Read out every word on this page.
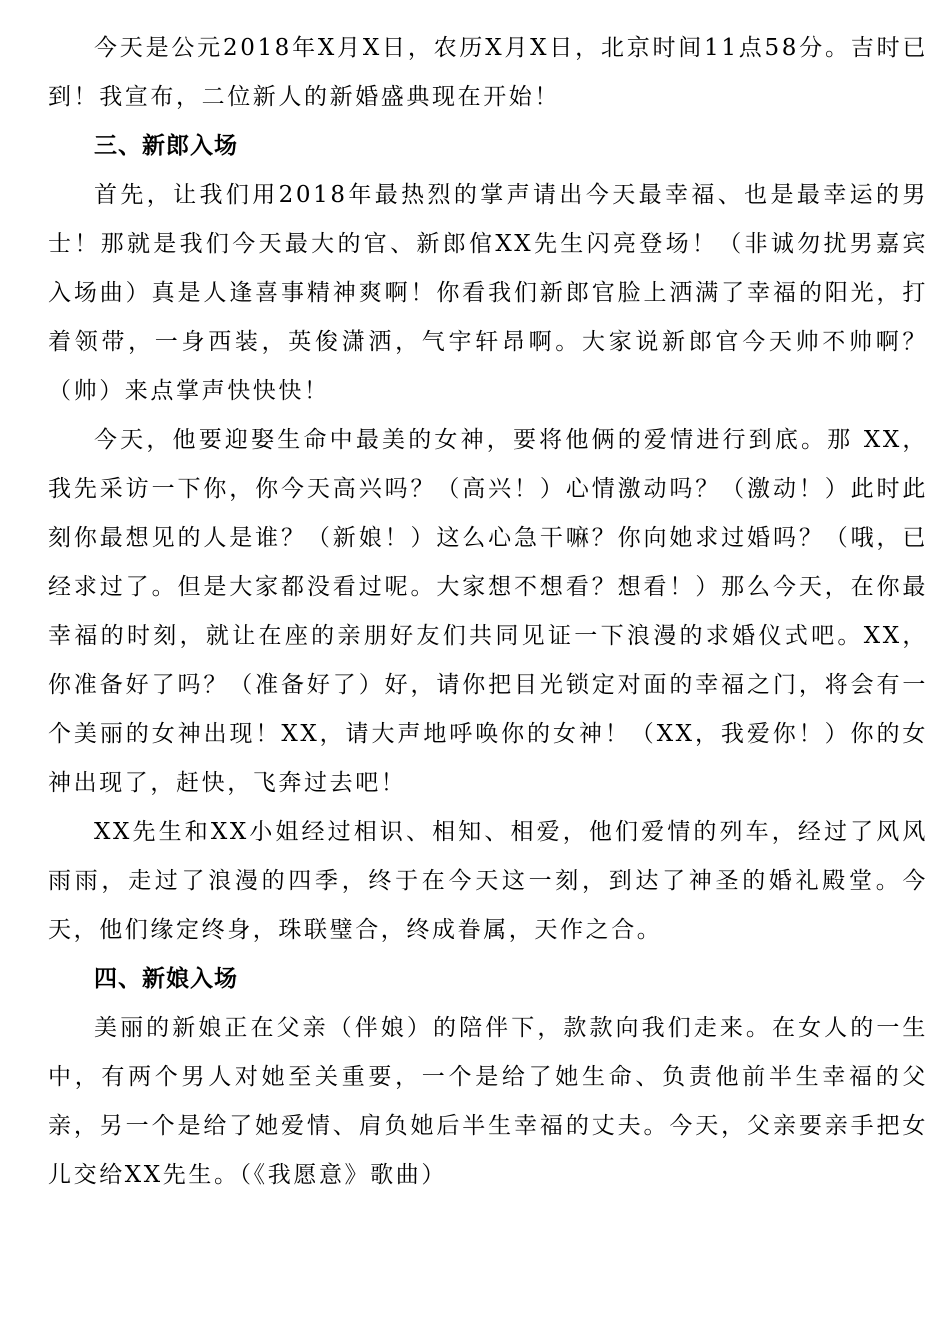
今天是公元2018年X月X日，农历X月X日，北京时间11点58分。吉时已到！我宣布，二位新人的新婚盛典现在开始！

三、新郎入场

首先，让我们用2018年最热烈的掌声请出今天最幸福、也是最幸运的男士！那就是我们今天最大的官、新郎倌XX先生闪亮登场！（非诚勿扰男嘉宾入场曲）真是人逢喜事精神爽啊！你看我们新郎官脸上洒满了幸福的阳光，打着领带，一身西装，英俊潇洒，气宇轩昂啊。大家说新郎官今天帅不帅啊？（帅）来点掌声快快快！

今天，他要迎娶生命中最美的女神，要将他俩的爱情进行到底。那 XX，我先采访一下你，你今天高兴吗？（高兴！）心情激动吗？（激动！）此时此刻你最想见的人是谁？（新娘！）这么心急干嘛？你向她求过婚吗？（哦，已经求过了。但是大家都没看过呢。大家想不想看？想看！）那么今天，在你最幸福的时刻，就让在座的亲朋好友们共同见证一下浪漫的求婚仪式吧。XX，你准备好了吗？（准备好了）好，请你把目光锁定对面的幸福之门，将会有一个美丽的女神出现！XX，请大声地呼唤你的女神！（XX，我爱你！）你的女神出现了，赶快，飞奔过去吧！

XX先生和XX小姐经过相识、相知、相爱，他们爱情的列车，经过了风风雨雨，走过了浪漫的四季，终于在今天这一刻，到达了神圣的婚礼殿堂。今天，他们缘定终身，珠联璧合，终成眷属，天作之合。

四、新娘入场

美丽的新娘正在父亲（伴娘）的陪伴下，款款向我们走来。在女人的一生中，有两个男人对她至关重要，一个是给了她生命、负责他前半生幸福的父亲，另一个是给了她爱情、肩负她后半生幸福的丈夫。今天，父亲要亲手把女儿交给XX先生。（《我愿意》歌曲）
